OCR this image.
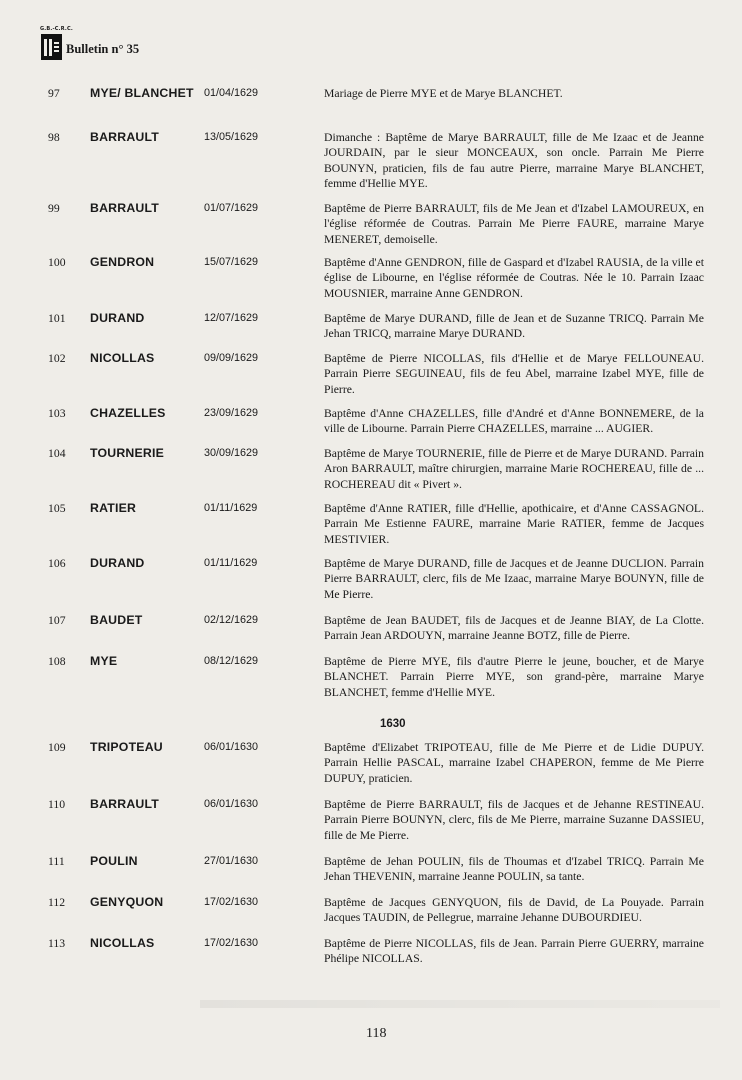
G.B.-C.R.C.
Bulletin n° 35
97	MYE/ BLANCHET 01/04/1629	Mariage de Pierre MYE et de Marye BLANCHET.
98	BARRAULT	13/05/1629	Dimanche : Baptême de Marye BARRAULT, fille de Me Izaac et de Jeanne JOURDAIN, par le sieur MONCEAUX, son oncle. Parrain Me Pierre BOUNYN, praticien, fils de fau autre Pierre, marraine Marye BLANCHET, femme d'Hellie MYE.
99	BARRAULT	01/07/1629	Baptême de Pierre BARRAULT, fils de Me Jean et d'Izabel LAMOUREUX, en l'église réformée de Coutras. Parrain Me Pierre FAURE, marraine Marye MENERET, demoiselle.
100	GENDRON	15/07/1629	Baptême d'Anne GENDRON, fille de Gaspard et d'Izabel RAUSIA, de la ville et église de Libourne, en l'église réformée de Coutras. Née le 10. Parrain Izaac MOUSNIER, marraine Anne GENDRON.
101	DURAND	12/07/1629	Baptême de Marye DURAND, fille de Jean et de Suzanne TRICQ. Parrain Me Jehan TRICQ, marraine Marye DURAND.
102	NICOLLAS	09/09/1629	Baptême de Pierre NICOLLAS, fils d'Hellie et de Marye FELLOUNEAU. Parrain Pierre SEGUINEAU, fils de feu Abel, marraine Izabel MYE, fille de Pierre.
103	CHAZELLES	23/09/1629	Baptême d'Anne CHAZELLES, fille d'André et d'Anne BONNEMERE, de la ville de Libourne. Parrain Pierre CHAZELLES, marraine ... AUGIER.
104	TOURNERIE	30/09/1629	Baptême de Marye TOURNERIE, fille de Pierre et de Marye DURAND. Parrain Aron BARRAULT, maître chirurgien, marraine Marie ROCHEREAU, fille de ... ROCHEREAU dit « Pivert ».
105	RATIER	01/11/1629	Baptême d'Anne RATIER, fille d'Hellie, apothicaire, et d'Anne CASSAGNOL. Parrain Me Estienne FAURE, marraine Marie RATIER, femme de Jacques MESTIVIER.
106	DURAND	01/11/1629	Baptême de Marye DURAND, fille de Jacques et de Jeanne DUCLION. Parrain Pierre BARRAULT, clerc, fils de Me Izaac, marraine Marye BOUNYN, fille de Me Pierre.
107	BAUDET	02/12/1629	Baptême de Jean BAUDET, fils de Jacques et de Jeanne BIAY, de La Clotte. Parrain Jean ARDOUYN, marraine Jeanne BOTZ, fille de Pierre.
108	MYE	08/12/1629	Baptême de Pierre MYE, fils d'autre Pierre le jeune, boucher, et de Marye BLANCHET. Parrain Pierre MYE, son grand-père, marraine Marye BLANCHET, femme d'Hellie MYE.
109	TRIPOTEAU	06/01/1630	Baptême d'Elizabet TRIPOTEAU, fille de Me Pierre et de Lidie DUPUY. Parrain Hellie PASCAL, marraine Izabel CHAPERON, femme de Me Pierre DUPUY, praticien.
110	BARRAULT	06/01/1630	Baptême de Pierre BARRAULT, fils de Jacques et de Jehanne RESTINEAU. Parrain Pierre BOUNYN, clerc, fils de Me Pierre, marraine Suzanne DASSIEU, fille de Me Pierre.
111	POULIN	27/01/1630	Baptême de Jehan POULIN, fils de Thoumas et d'Izabel TRICQ. Parrain Me Jehan THEVENIN, marraine Jeanne POULIN, sa tante.
112	GENYQUON	17/02/1630	Baptême de Jacques GENYQUON, fils de David, de La Pouyade. Parrain Jacques TAUDIN, de Pellegrue, marraine Jehanne DUBOURDIEU.
113	NICOLLAS	17/02/1630	Baptême de Pierre NICOLLAS, fils de Jean. Parrain Pierre GUERRY, marraine Phélipe NICOLLAS.
1630
118
